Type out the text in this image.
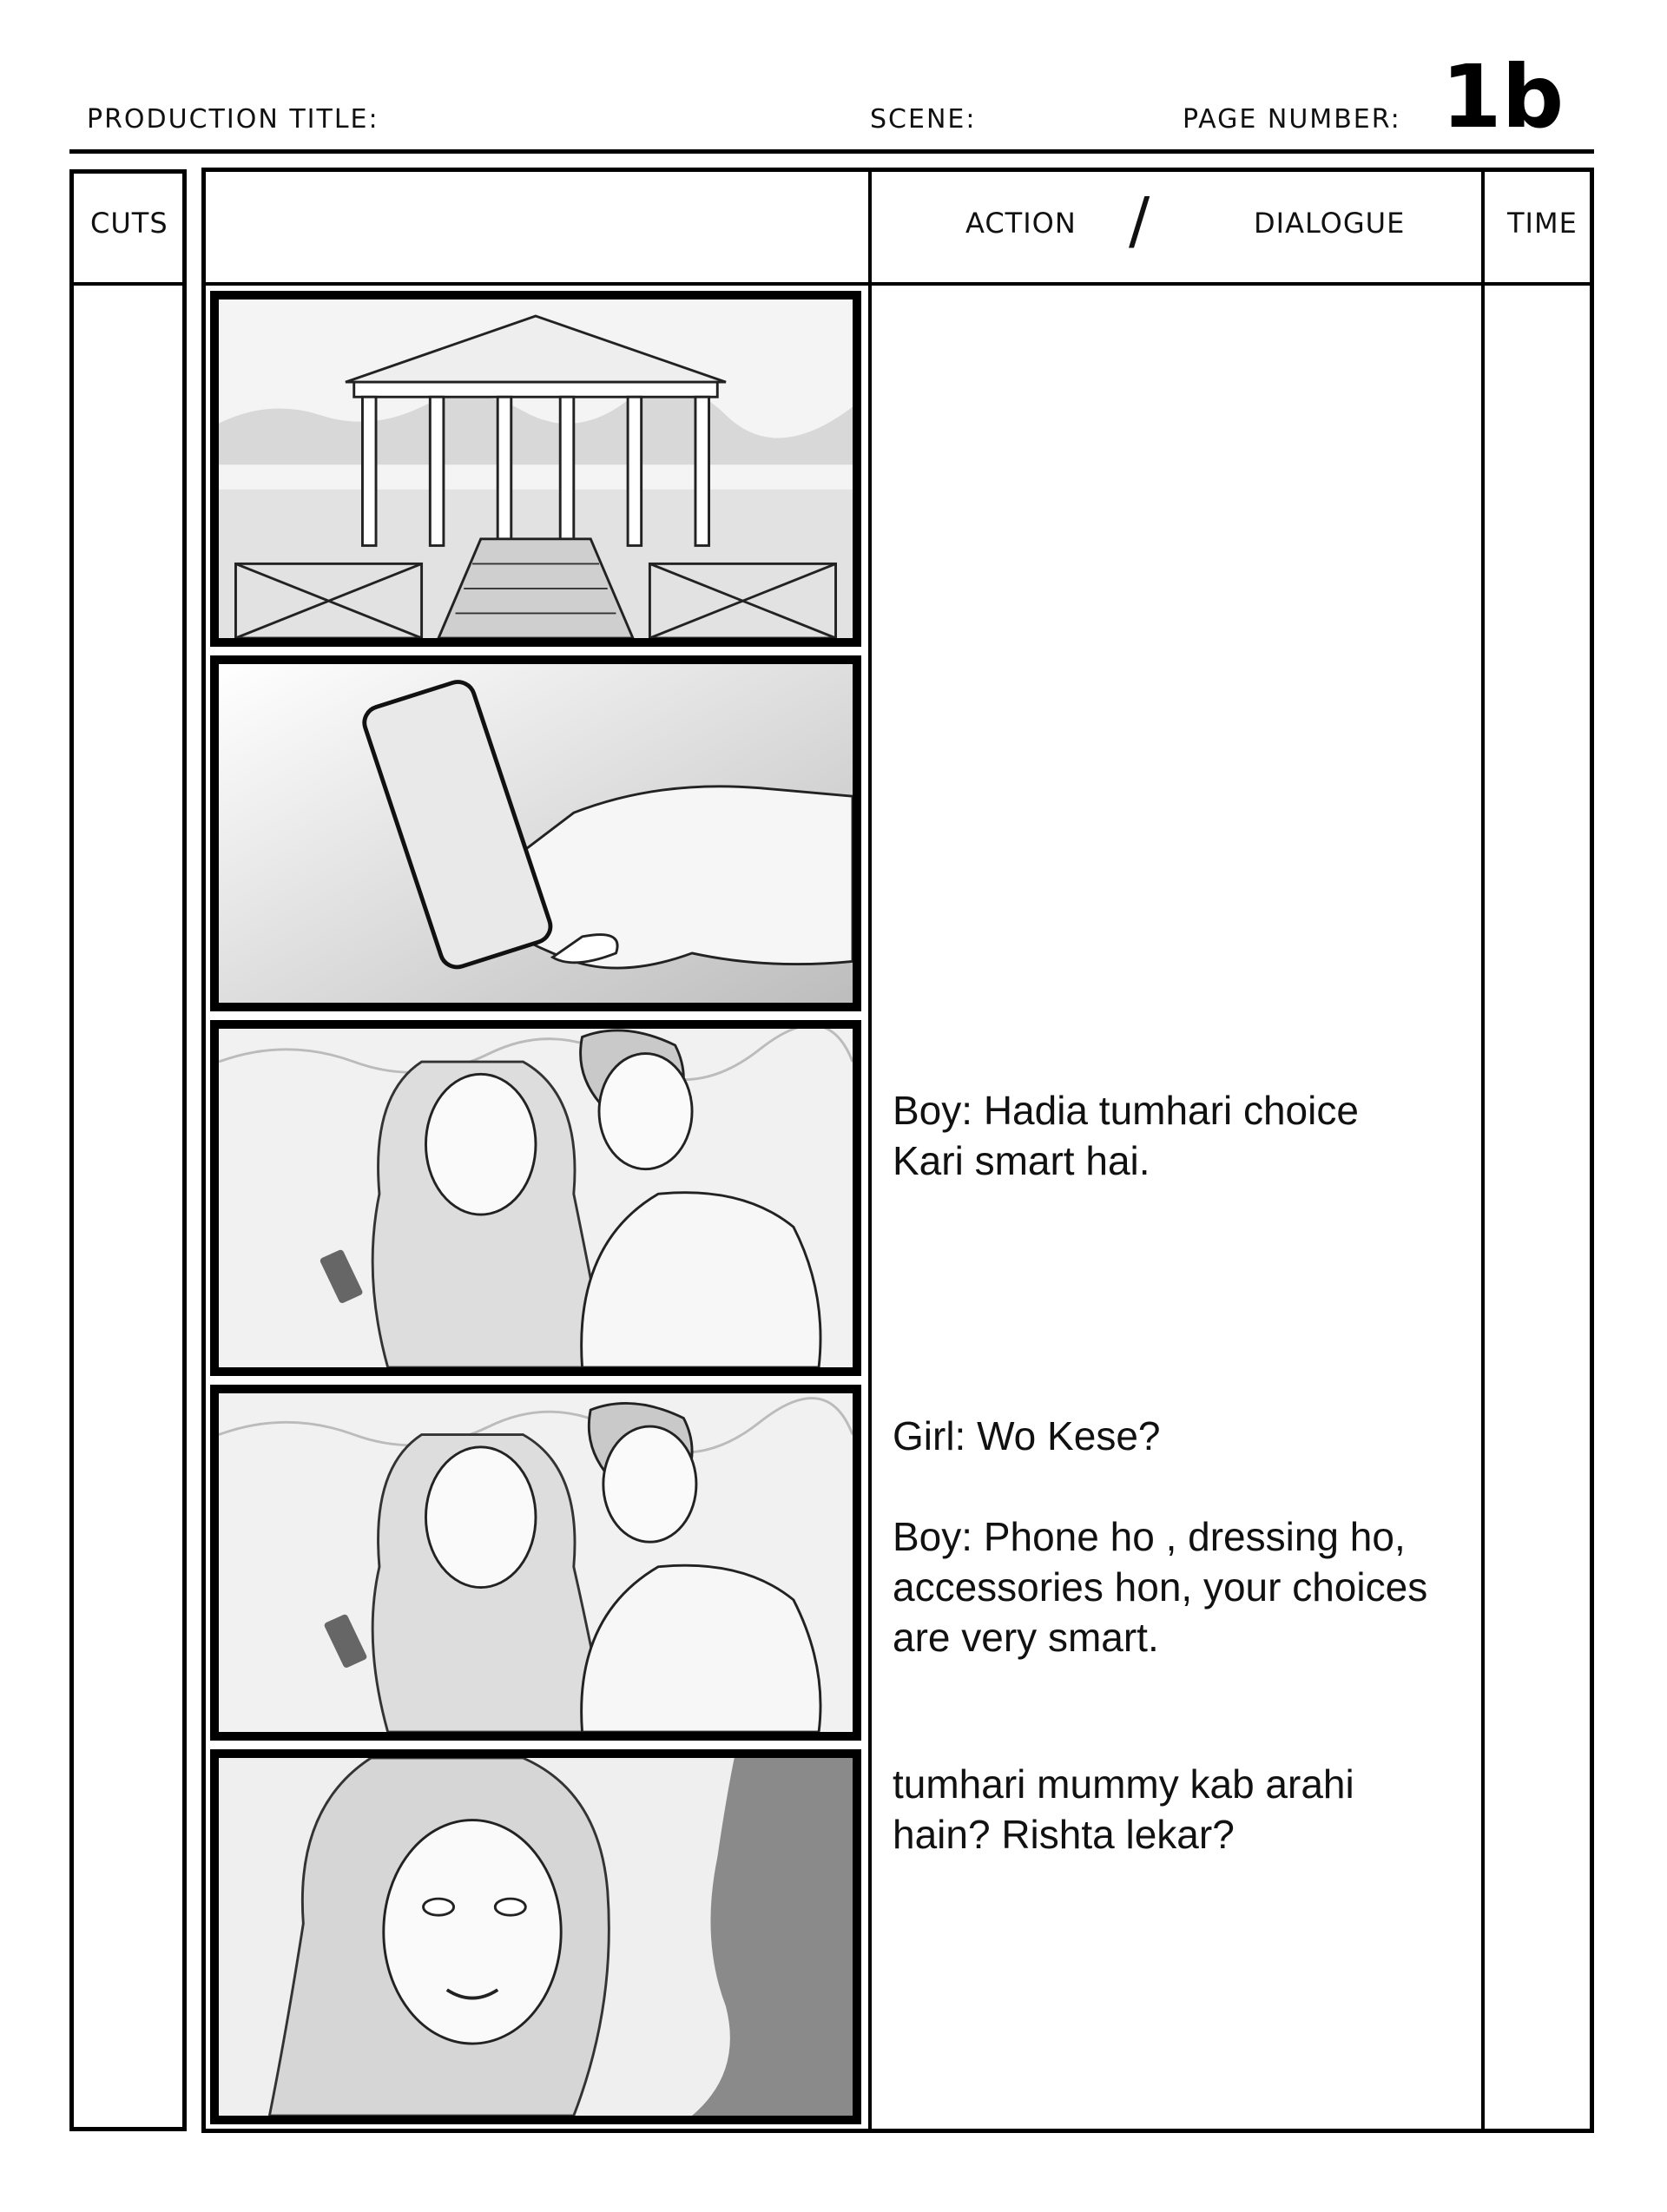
PRODUCTION TITLE:	SCENE:	PAGE NUMBER: 1b
CUTS	ACTION /	DIALOGUE	TIME
Boy: Hadia tumhari choice
Kari smart hai.
Girl: Wo Kese?

Boy: Phone ho , dressing ho,
accessories hon, your choices
are very smart.
tumhari mummy kab arahi
hain? Rishta lekar?
